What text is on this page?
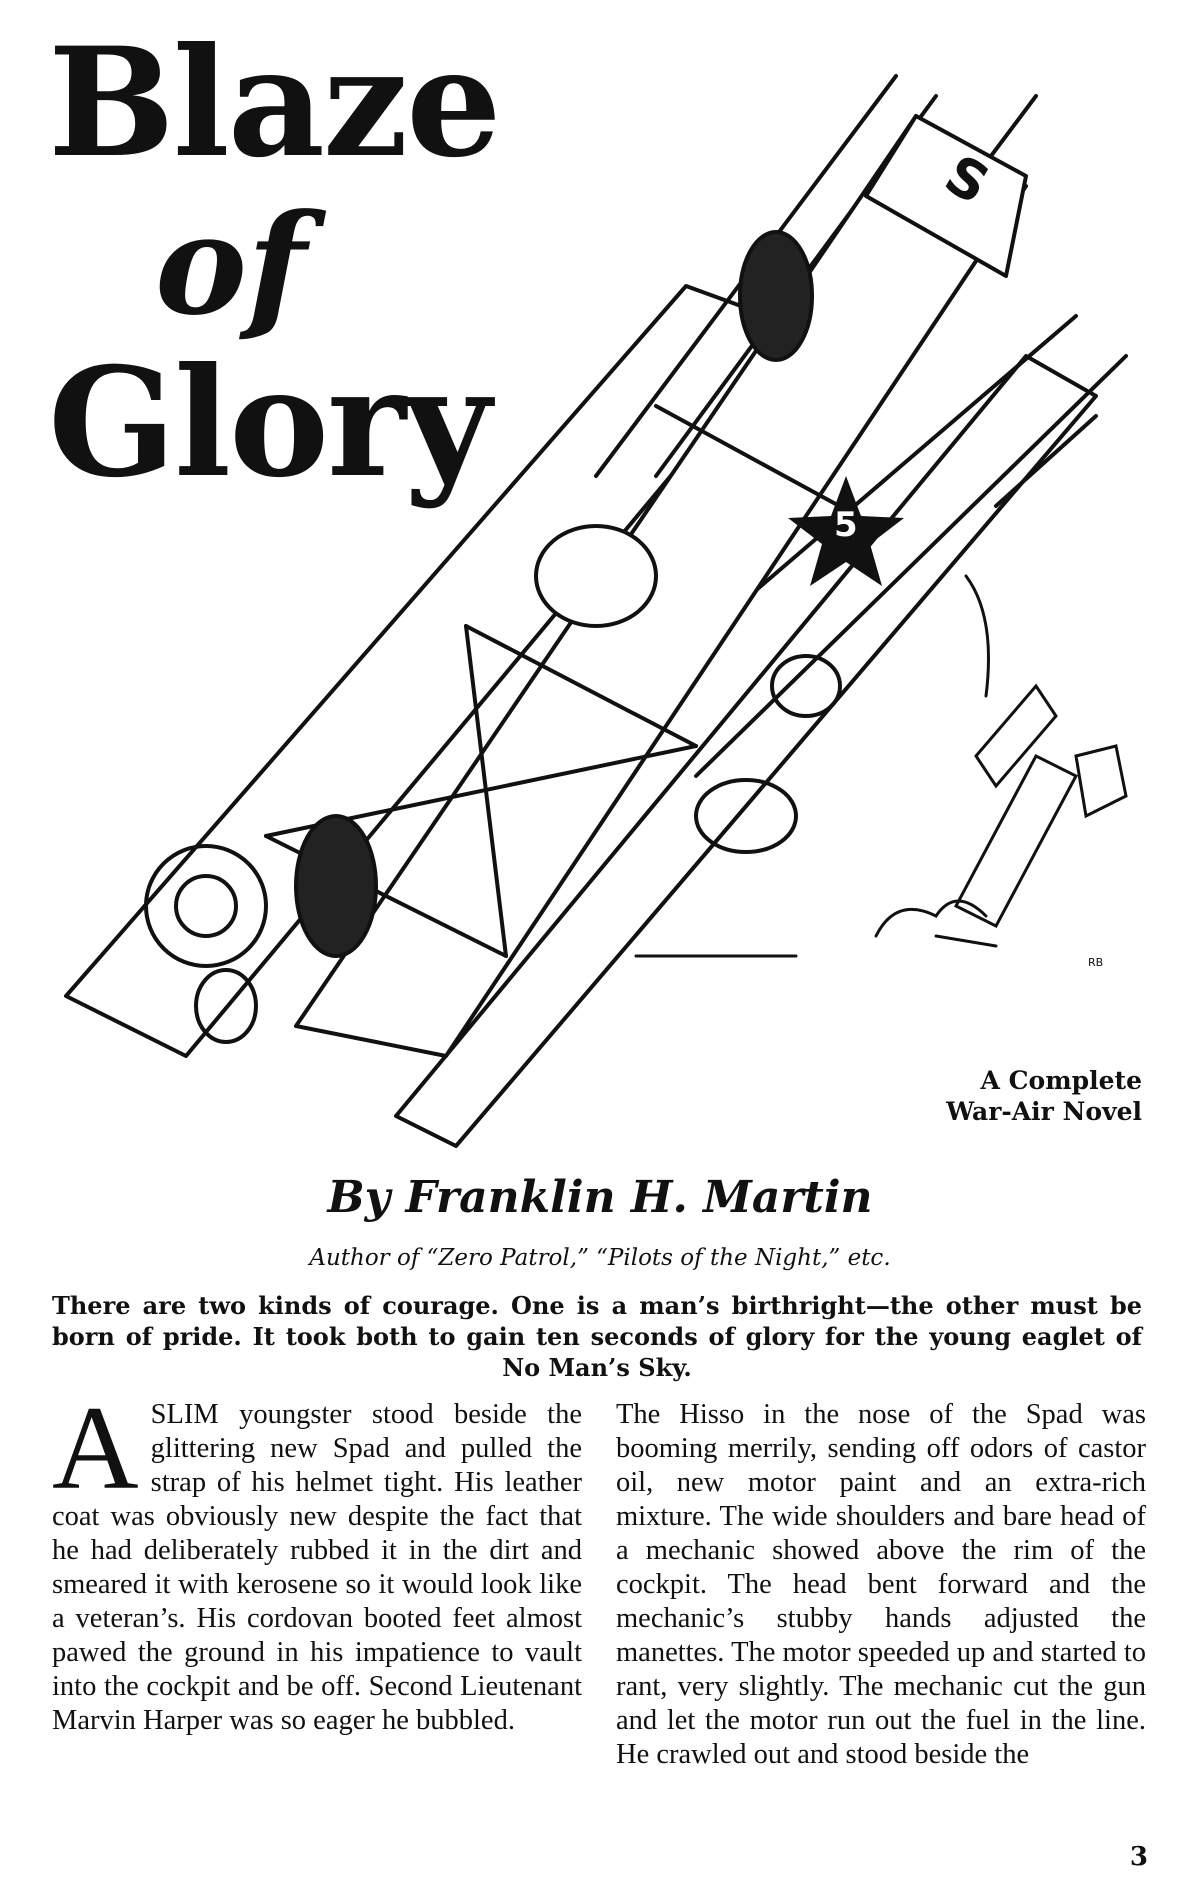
Blaze
of
Glory
S
5
RB
A Complete
War-Air Novel
By Franklin H. Martin
Author of “Zero Patrol,” “Pilots of the Night,” etc.
There are two kinds of courage. One is a man’s birthright—the other must be born of pride. It took both to gain ten seconds of glory for the young eaglet of No Man’s Sky.
ASLIM youngster stood beside the glittering new Spad and pulled the strap of his helmet tight. His leather coat was obviously new despite the fact that he had deliberately rubbed it in the dirt and smeared it with kerosene so it would look like a veteran’s. His cordovan booted feet almost pawed the ground in his impatience to vault into the cockpit and be off. Second Lieutenant Marvin Harper was so eager he bubbled.
The Hisso in the nose of the Spad was booming merrily, sending off odors of castor oil, new motor paint and an extra-rich mixture. The wide shoulders and bare head of a mechanic showed above the rim of the cockpit. The head bent forward and the mechanic’s stubby hands adjusted the manettes. The motor speeded up and started to rant, very slightly. The mechanic cut the gun and let the motor run out the fuel in the line. He crawled out and stood beside the
3
